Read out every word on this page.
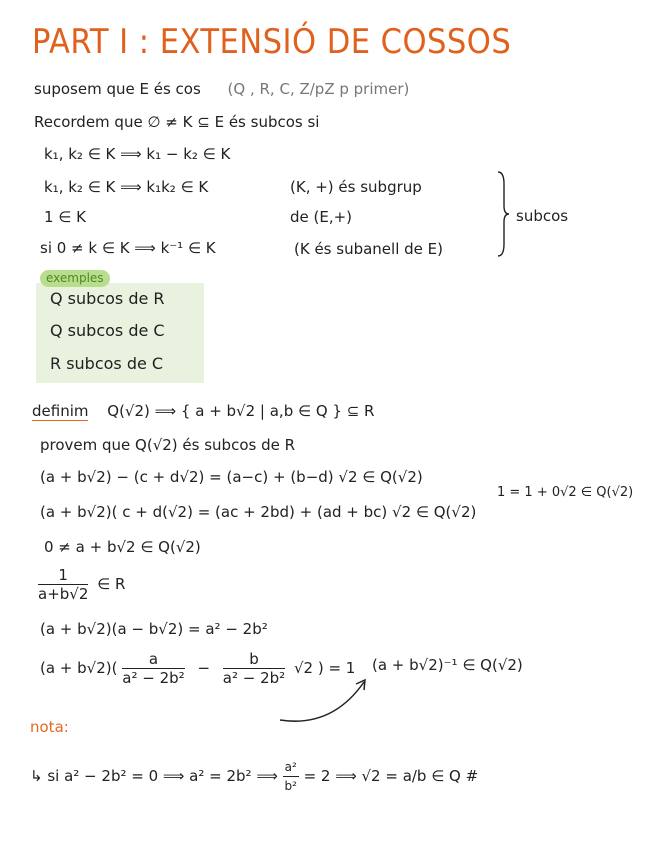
PART I : EXTENSIÓ DE COSSOS
suposem que E és cos (Q , R, C, Z/pZ p primer)
Recordem que ∅ ≠ K ⊆ E és subcos si
k₁, k₂ ∈ K ⟹ k₁ − k₂ ∈ K
k₁, k₂ ∈ K ⟹ k₁k₂ ∈ K
1 ∈ K
si 0 ≠ k ∈ K ⟹ k⁻¹ ∈ K
(K, +) és subgrup
de (E,+)
(K és subanell de E)
subcos
exemples
Q subcos de R
Q subcos de C
R subcos de C
definim Q(√2) ⟹ { a + b√2 | a,b ∈ Q } ⊆ R
provem que Q(√2) és subcos de R
(a + b√2) − (c + d√2) = (a−c) + (b−d) √2 ∈ Q(√2)
(a + b√2)( c + d(√2) = (ac + 2bd) + (ad + bc) √2 ∈ Q(√2)
1 = 1 + 0√2 ∈ Q(√2)
0 ≠ a + b√2 ∈ Q(√2)
$\frac{1}{a+b√2}$ ∈ R
(a + b√2)(a − b√2) = a² − 2b²
$(a + b√2)( \frac{a}{\text{a² − 2b²}} - \frac{b}{\text{a² − 2b²}} √2$ ) = 1 (a + b√2)⁻¹ ∈ Q(√2)
nota:
↳ si a² − 2b² = 0 ⟹ a² = 2b² ⟹ $\frac{\text{a²}}{\text{b²}} = 2$ ⟹ √2 = a/b ∈ Q #
